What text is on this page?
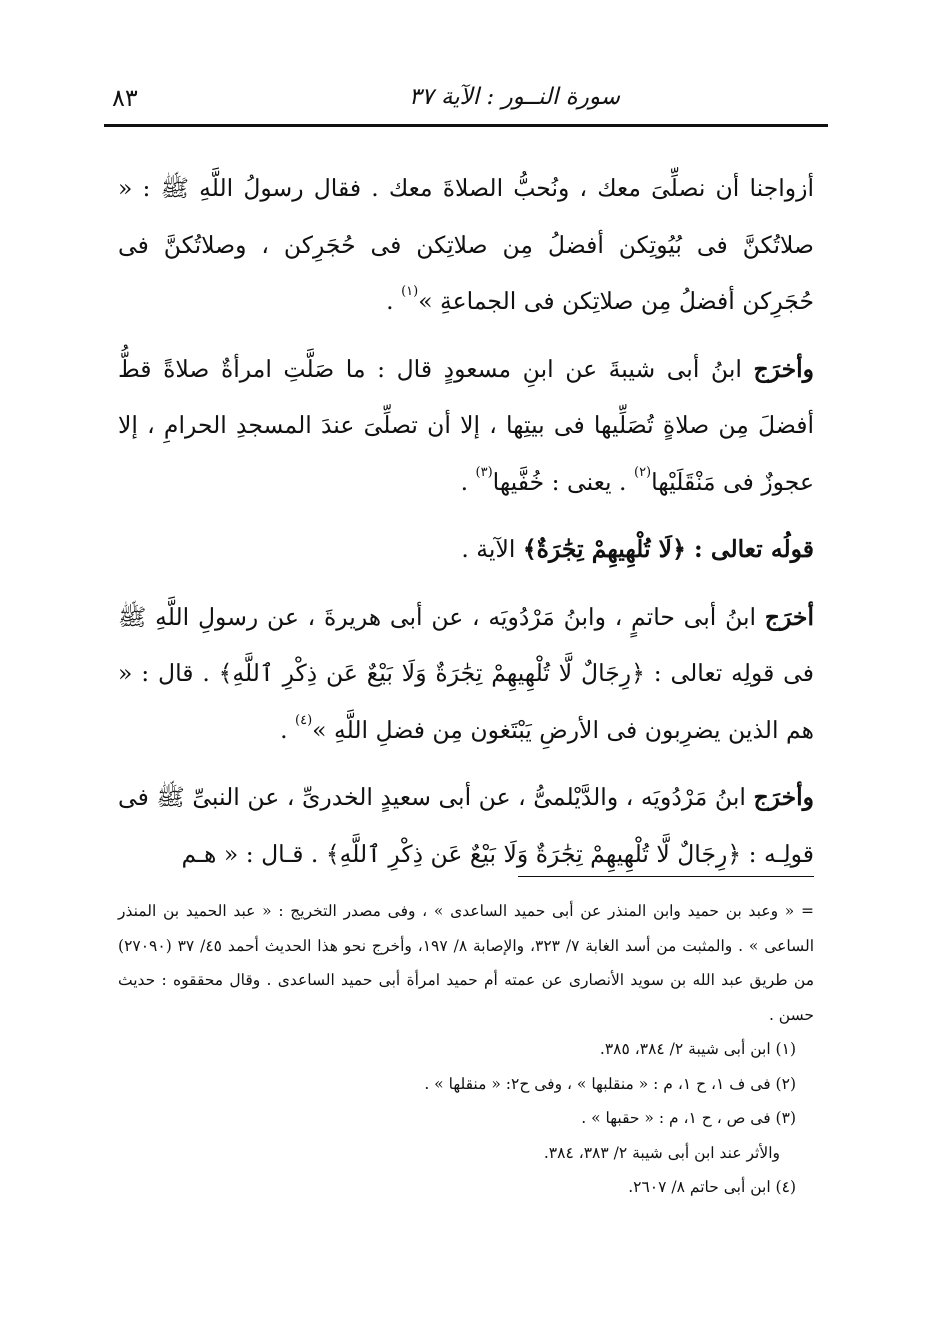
سورة النــور : الآية ٣٧
٨٣

أزواجنا أن نصلِّىَ معك ، ونُحبُّ الصلاةَ معك . فقال رسولُ اللَّهِ ﷺ : « صلاتُكنَّ فى بُيُوتِكن أفضلُ مِن صلاتِكن فى حُجَرِكن ، وصلاتُكنَّ فى حُجَرِكن أفضلُ مِن صلاتِكن فى الجماعةِ »$^{(١)}$ .

وأخرَج ابنُ أبى شيبةَ عن ابنِ مسعودٍ قال : ما صَلَّتِ امرأةٌ صلاةً قطُّ أفضلَ مِن صلاةٍ تُصَلِّيها فى بيتِها ، إلا أن تصلِّىَ عندَ المسجدِ الحرامِ ، إلا عجوزٌ فى مَنْقَلَيْها$^{(٢)}$ . يعنى : خُفَّيها$^{(٣)}$ .

قولُه تعالى : ﴿لَا تُلْهِيهِمْ تِجَٰرَةٌ﴾ الآية .

أخرَج ابنُ أبى حاتمٍ ، وابنُ مَرْدُويَه ، عن أبى هريرةَ ، عن رسولِ اللَّهِ ﷺ فى قولِه تعالى : ﴿رِجَالٌ لَّا تُلْهِيهِمْ تِجَٰرَةٌ وَلَا بَيْعٌ عَن ذِكْرِ ٱللَّهِ﴾ . قال : « هم الذين يضرِبون فى الأرضِ يَبْتَغون مِن فضلِ اللَّهِ »$^{(٤)}$ .

وأخرَج ابنُ مَرْدُويَه ، والدَّيْلمىُّ ، عن أبى سعيدٍ الخدرىِّ ، عن النبىِّ ﷺ فى قولِـه : ﴿رِجَالٌ لَّا تُلْهِيهِمْ تِجَٰرَةٌ وَلَا بَيْعٌ عَن ذِكْرِ ٱللَّهِ﴾ . قـال : « هـم

= « وعبد بن حميد وابن المنذر عن أبى حميد الساعدى » ، وفى مصدر التخريج : « عبد الحميد بن المنذر الساعى » . والمثبت من أسد الغابة ٧/ ٣٢٣، والإصابة ٨/ ١٩٧، وأخرج نحو هذا الحديث أحمد ٤٥/ ٣٧ (٢٧٠٩٠) من طريق عبد الله بن سويد الأنصارى عن عمته أم حميد امرأة أبى حميد الساعدى . وقال محققوه : حديث حسن .

(١) ابن أبى شيبة ٢/ ٣٨٤، ٣٨٥.

(٢) فى ف ١، ح ١، م : « منقلبها » ، وفى ح٢: « منقلها » .

(٣) فى ص ، ح ١، م : « حقبها » .

والأثر عند ابن أبى شيبة ٢/ ٣٨٣، ٣٨٤.

(٤) ابن أبى حاتم ٨/ ٢٦٠٧.
